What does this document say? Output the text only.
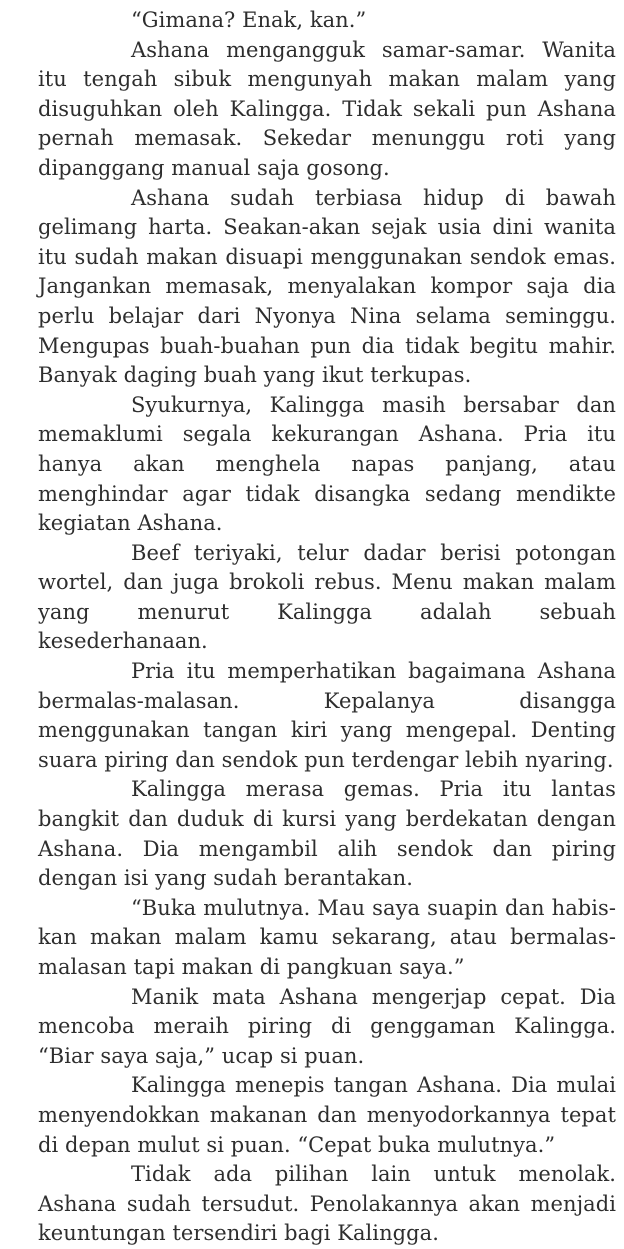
“Gimana? Enak, kan.”

Ashana mengangguk samar-samar. Wanita itu tengah sibuk mengunyah makan malam yang disuguhkan oleh Kalingga. Tidak sekali pun Ashana pernah memasak. Sekedar menunggu roti yang dipanggang manual saja gosong.

Ashana sudah terbiasa hidup di bawah gelimang harta. Seakan-akan sejak usia dini wanita itu sudah makan disuapi menggunakan sendok emas. Jangankan memasak, menyalakan kompor saja dia perlu belajar dari Nyonya Nina selama seminggu. Mengupas buah-buahan pun dia tidak begitu mahir. Banyak daging buah yang ikut terkupas.

Syukurnya, Kalingga masih bersabar dan memaklumi segala kekurangan Ashana. Pria itu hanya akan menghela napas panjang, atau menghindar agar tidak disangka sedang mendikte kegiatan Ashana.

Beef teriyaki, telur dadar berisi potongan wortel, dan juga brokoli rebus. Menu makan malam yang menurut Kalingga adalah sebuah kesederhanaan.

Pria itu memperhatikan bagaimana Ashana bermalas-malasan. Kepalanya disangga menggunakan tangan kiri yang mengepal. Denting suara piring dan sendok pun terdengar lebih nyaring.

Kalingga merasa gemas. Pria itu lantas bangkit dan duduk di kursi yang berdekatan dengan Ashana. Dia mengambil alih sendok dan piring dengan isi yang sudah berantakan.

“Buka mulutnya. Mau saya suapin dan habiskan makan malam kamu sekarang, atau bermalasmalasan tapi makan di pangkuan saya.”

Manik mata Ashana mengerjap cepat. Dia mencoba meraih piring di genggaman Kalingga. “Biar saya saja,” ucap si puan.

Kalingga menepis tangan Ashana. Dia mulai menyendokkan makanan dan menyodorkannya tepat di depan mulut si puan. “Cepat buka mulutnya.”

Tidak ada pilihan lain untuk menolak. Ashana sudah tersudut. Penolakannya akan menjadi keuntungan tersendiri bagi Kalingga.
